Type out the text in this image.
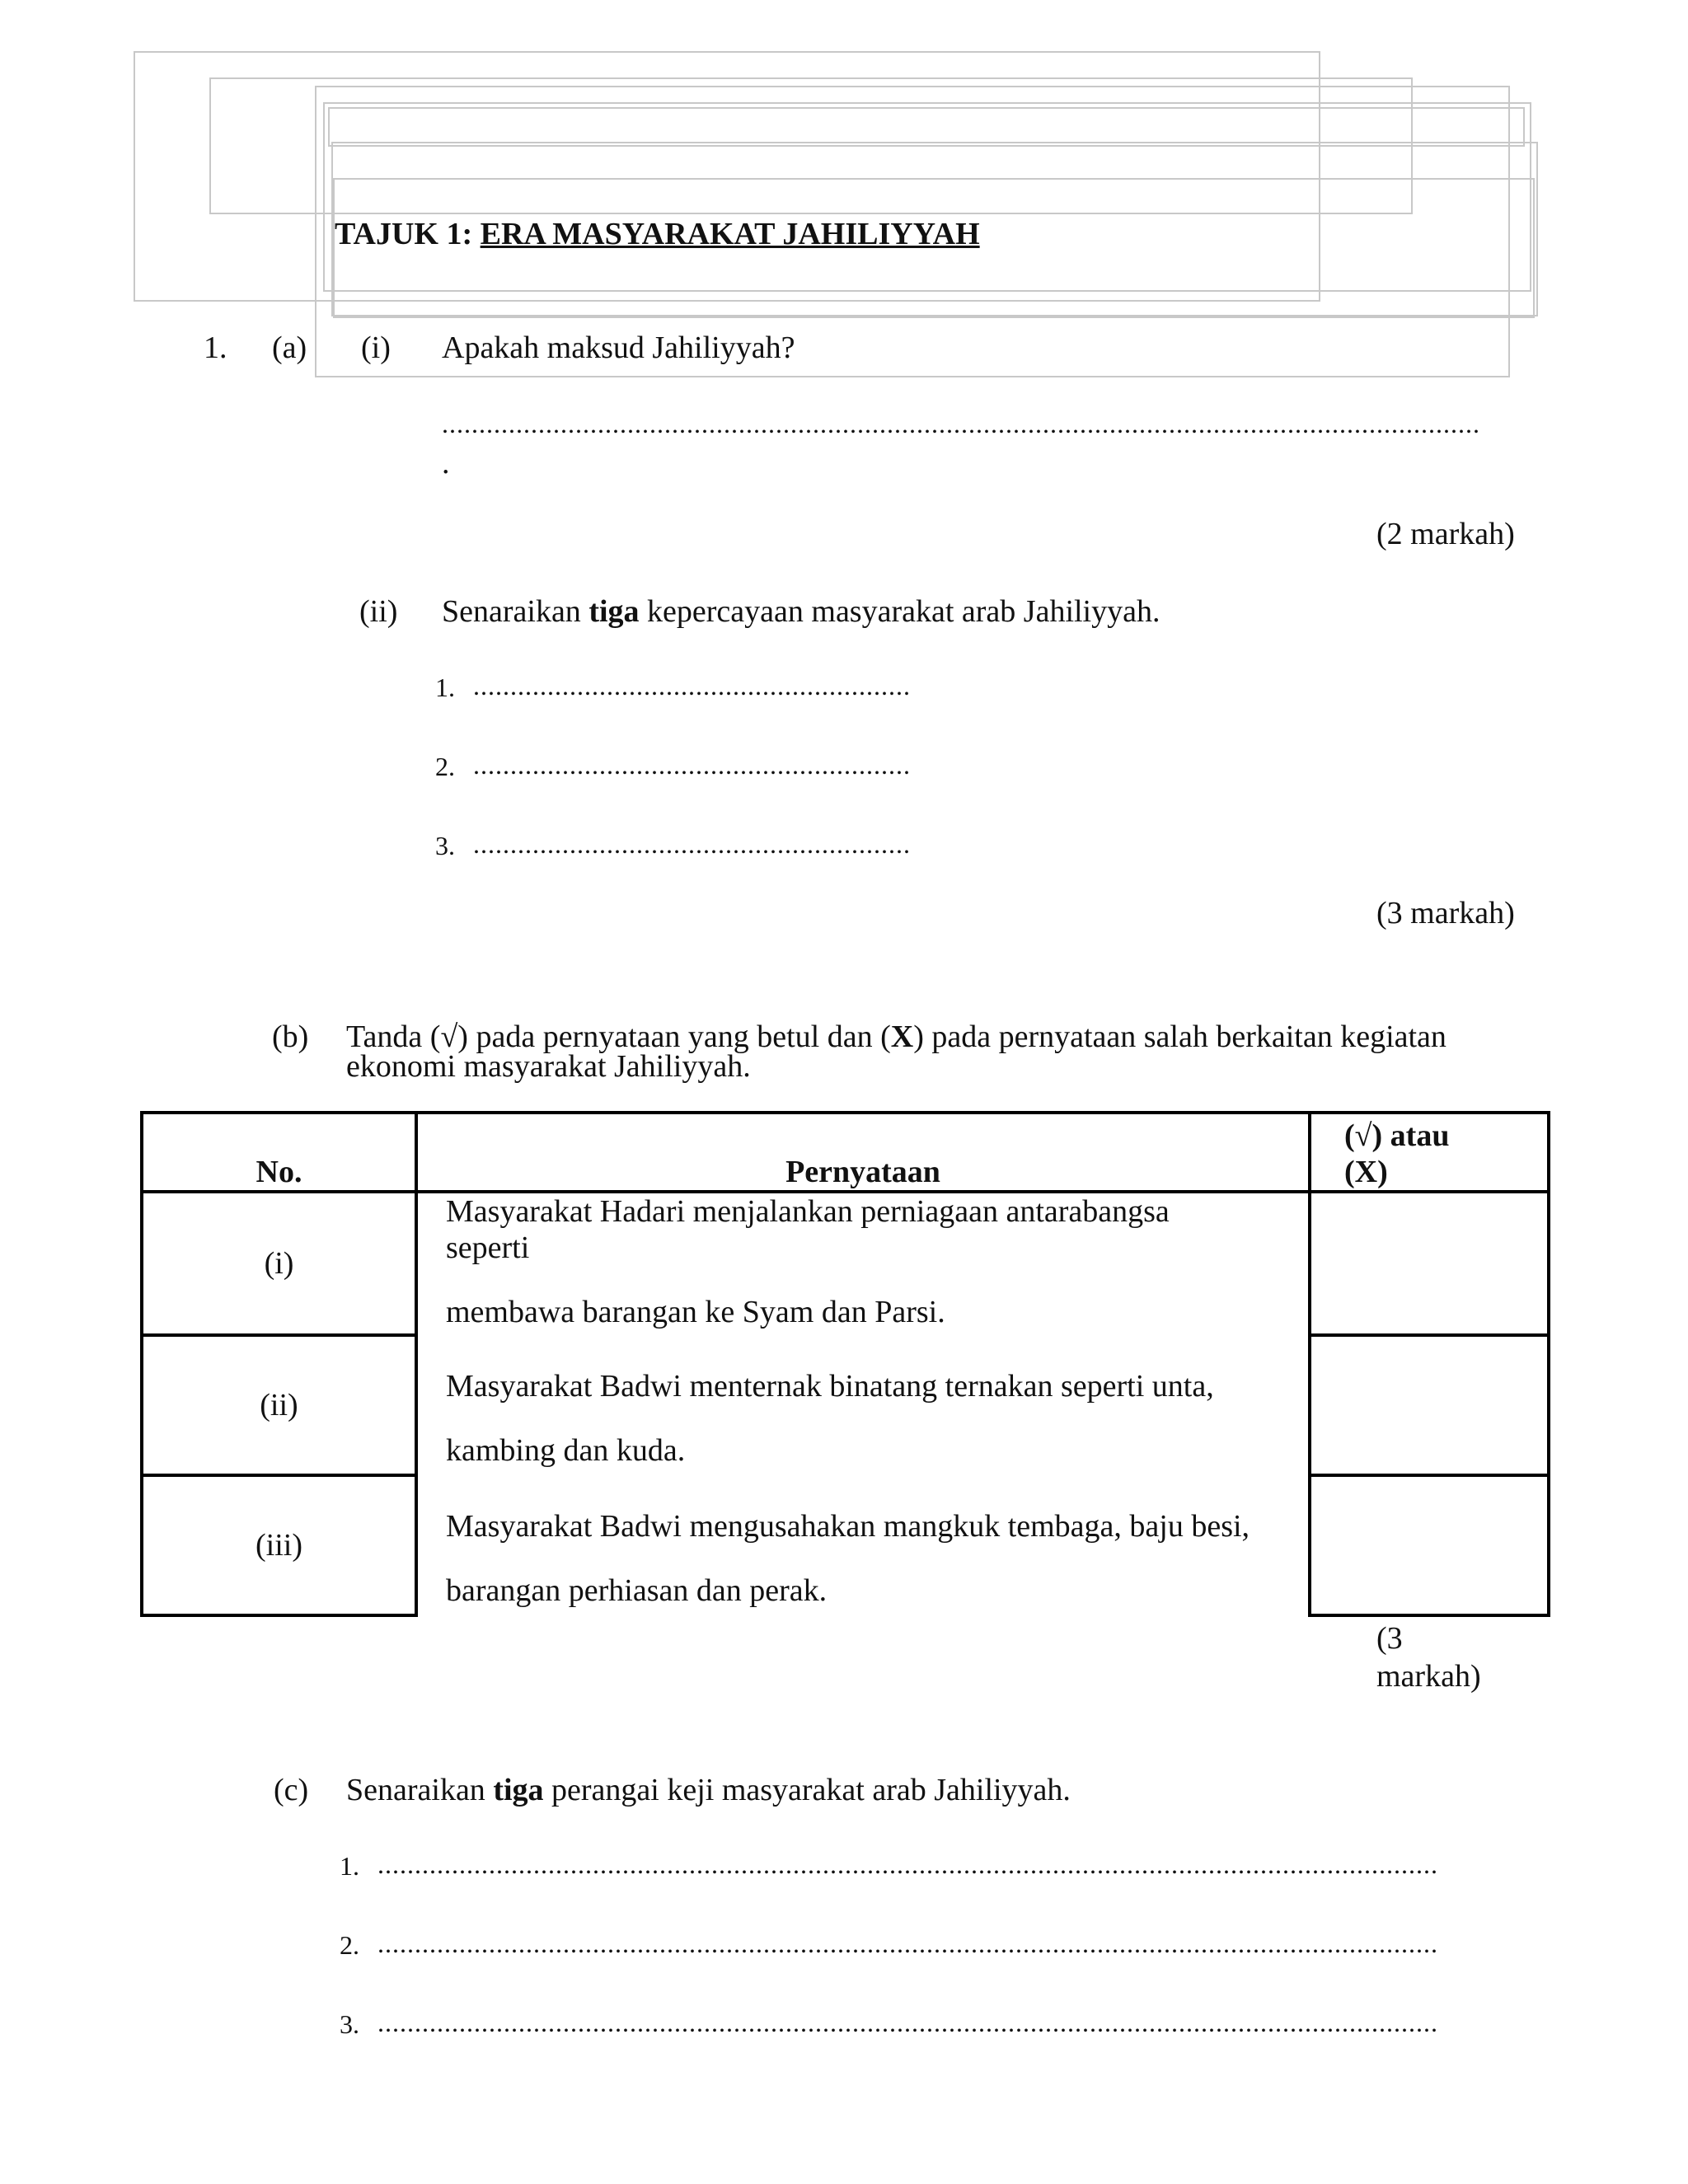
TAJUK 1: ERA MASYARAKAT JAHILIYYAH
1. (a) (i) Apakah maksud Jahiliyyah?
............................................................................................................................................
.
(2 markah)
(ii) Senaraikan tiga kepercayaan masyarakat arab Jahiliyyah.
1. ...........................................................
2. ...........................................................
3. ...........................................................
(3 markah)
(b) Tanda (√) pada pernyataan yang betul dan (X) pada pernyataan salah berkaitan kegiatan
ekonomi masyarakat Jahiliyyah.
No.	Pernyataan	(√) atau
(X)

(i)	Masyarakat Hadari menjalankan perniagaan antarabangsa
seperti
membawa barangan ke Syam dan Parsi.	

(ii)	Masyarakat Badwi menternak binatang ternakan seperti unta,
kambing dan kuda.	

(iii)	Masyarakat Badwi mengusahakan mangkuk tembaga, baju besi,
barangan perhiasan dan perak.	

(3
markah)
(c) Senaraikan tiga perangai keji masyarakat arab Jahiliyyah.
1. ...............................................................................................................................................
2. ...............................................................................................................................................
3. ...............................................................................................................................................
